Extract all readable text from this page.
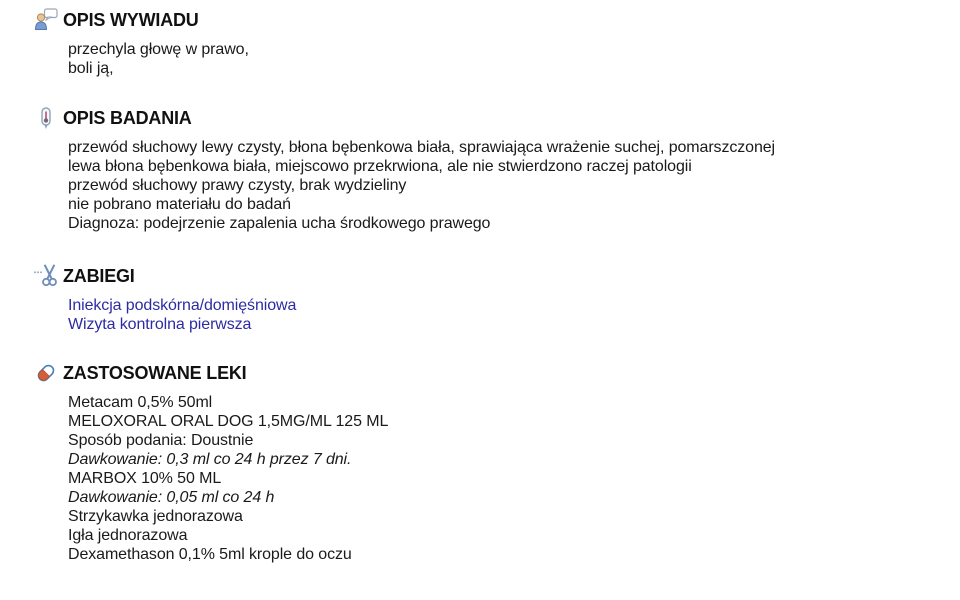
OPIS WYWIADU
przechyla głowę w prawo,
boli ją,
OPIS BADANIA
przewód słuchowy lewy czysty, błona bębenkowa biała, sprawiająca wrażenie suchej, pomarszczonej
lewa błona bębenkowa biała, miejscowo przekrwiona, ale nie stwierdzono raczej patologii
przewód słuchowy prawy czysty, brak wydzieliny
nie pobrano materiału do badań
Diagnoza: podejrzenie zapalenia ucha środkowego prawego
ZABIEGI
Iniekcja podskórna/domięśniowa
Wizyta kontrolna pierwsza
ZASTOSOWANE LEKI
Metacam 0,5% 50ml
MELOXORAL ORAL DOG 1,5MG/ML 125 ML
Sposób podania: Doustnie
Dawkowanie: 0,3 ml co 24 h przez 7 dni.
MARBOX 10% 50 ML
Dawkowanie: 0,05 ml co 24 h
Strzykawka jednorazowa
Igła jednorazowa
Dexamethason 0,1% 5ml krople do oczu
